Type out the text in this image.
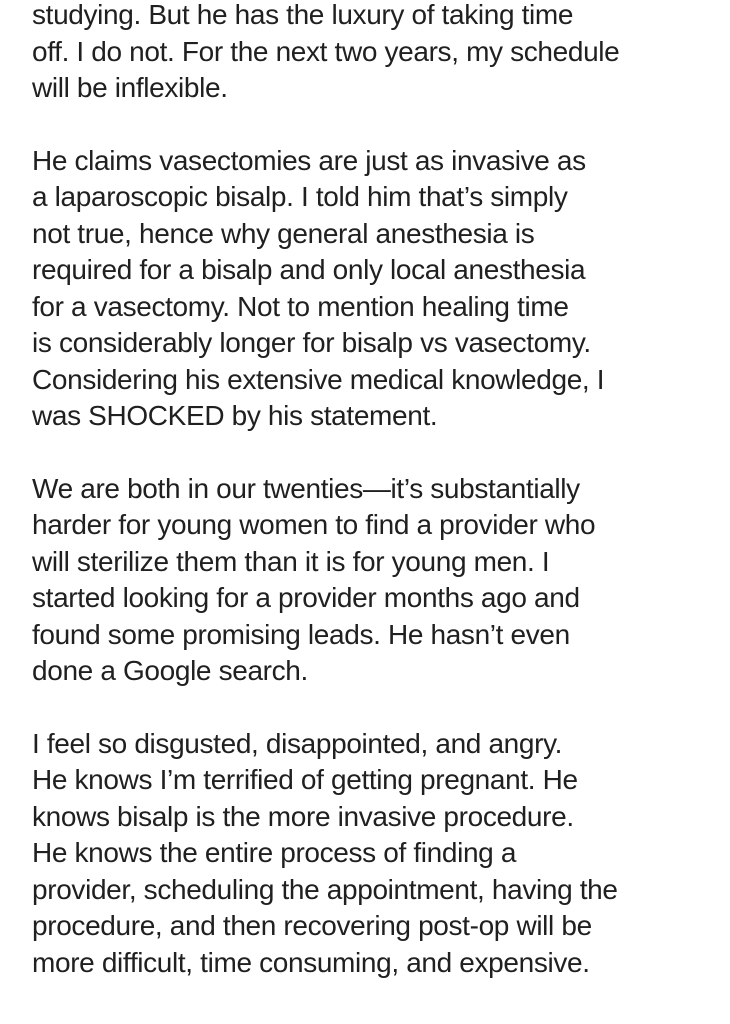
studying. But he has the luxury of taking time
off. I do not. For the next two years, my schedule
will be inflexible.
He claims vasectomies are just as invasive as
a laparoscopic bisalp. I told him that’s simply
not true, hence why general anesthesia is
required for a bisalp and only local anesthesia
for a vasectomy. Not to mention healing time
is considerably longer for bisalp vs vasectomy.
Considering his extensive medical knowledge, I
was SHOCKED by his statement.
We are both in our twenties—it’s substantially
harder for young women to find a provider who
will sterilize them than it is for young men. I
started looking for a provider months ago and
found some promising leads. He hasn’t even
done a Google search.
I feel so disgusted, disappointed, and angry.
He knows I’m terrified of getting pregnant. He
knows bisalp is the more invasive procedure.
He knows the entire process of finding a
provider, scheduling the appointment, having the
procedure, and then recovering post-op will be
more difficult, time consuming, and expensive.
